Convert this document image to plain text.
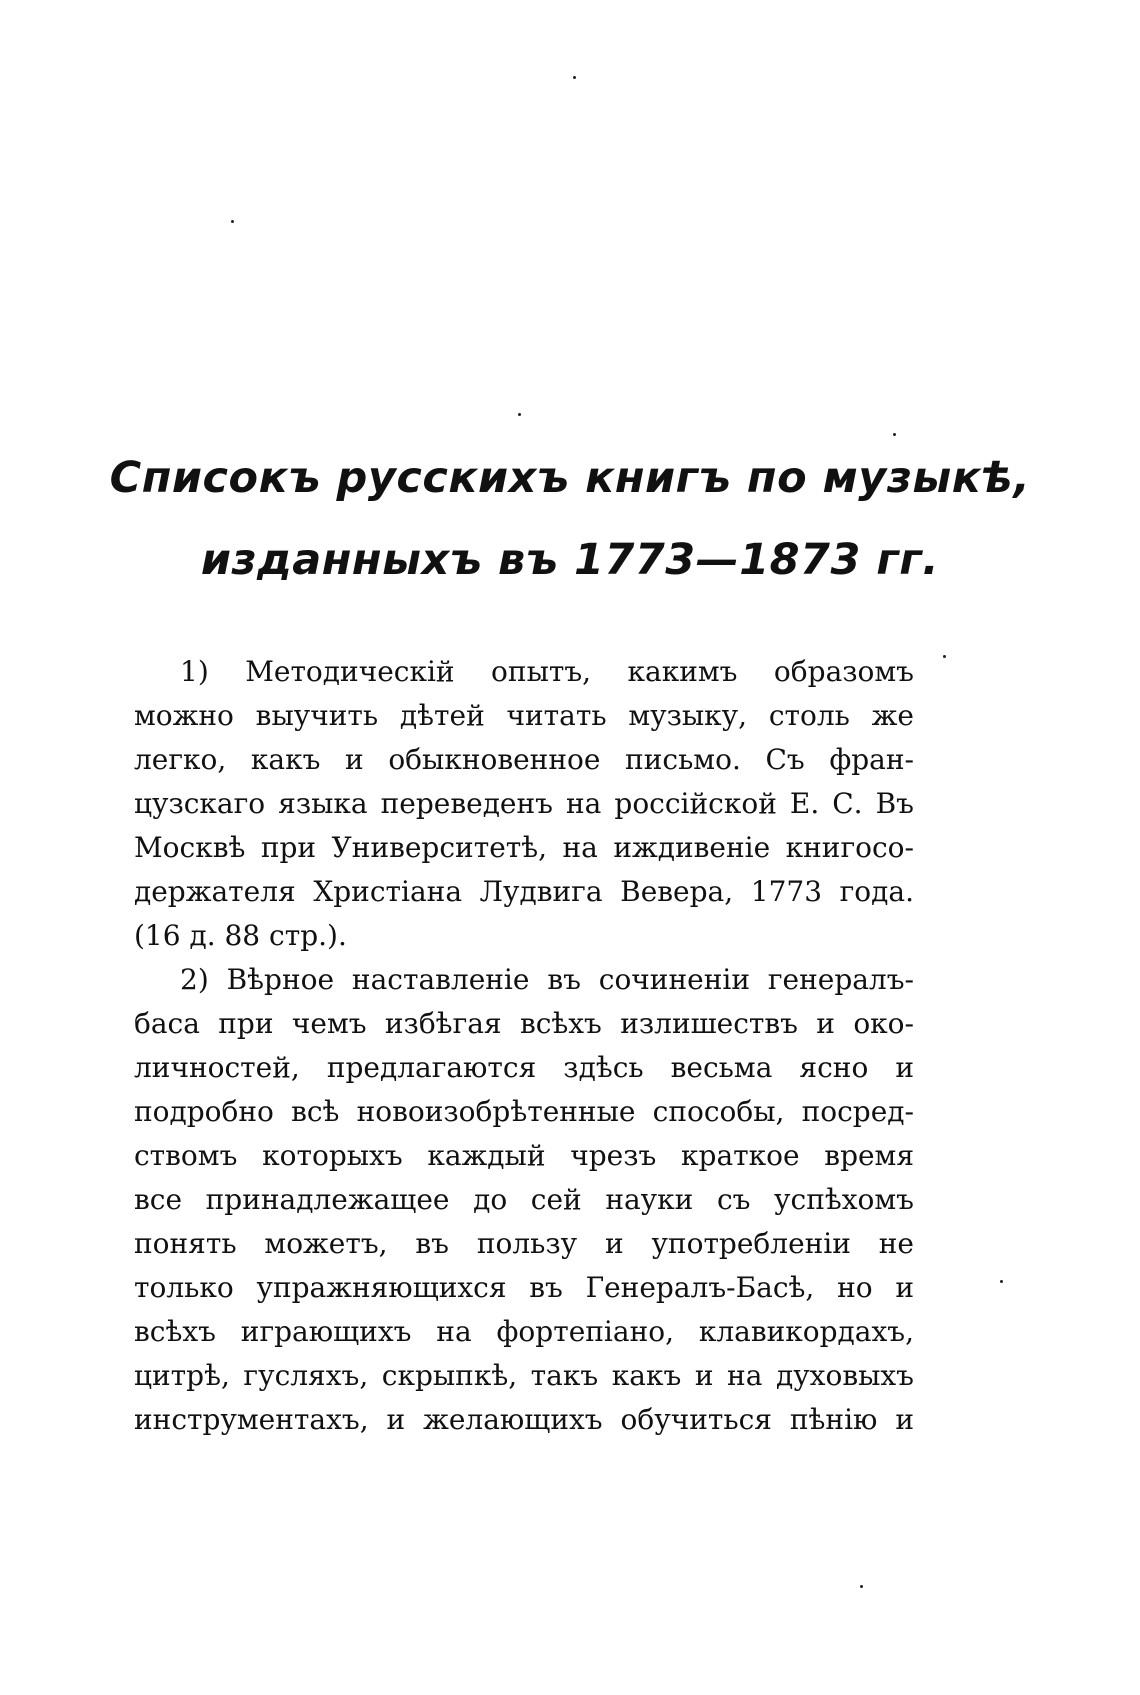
Списокъ русскихъ книгъ по музыкѣ,
изданныхъ въ 1773—1873 гг.
1) Методическій опытъ, какимъ образомъ
можно выучить дѣтей читать музыку, столь же
легко, какъ и обыкновенное письмо. Съ фран-
цузскаго языка переведенъ на россійской Е. С. Въ
Москвѣ при Университетѣ, на иждивеніе книгосо-
держателя Христіана Лудвига Вевера, 1773 года.
(16 д. 88 стр.).
2) Вѣрное наставленіе въ сочиненіи генералъ-
баса при чемъ избѣгая всѣхъ излишествъ и око-
личностей, предлагаются здѣсь весьма ясно и
подробно всѣ новоизобрѣтенные способы, посред-
ствомъ которыхъ каждый чрезъ краткое время
все принадлежащее до сей науки съ успѣхомъ
понять можетъ, въ пользу и употребленіи не
только упражняющихся въ Генералъ-Басѣ, но и
всѣхъ играющихъ на фортепіано, клавикордахъ,
цитрѣ, гусляхъ, скрыпкѣ, такъ какъ и на духовыхъ
инструментахъ, и желающихъ обучиться пѣнію и
